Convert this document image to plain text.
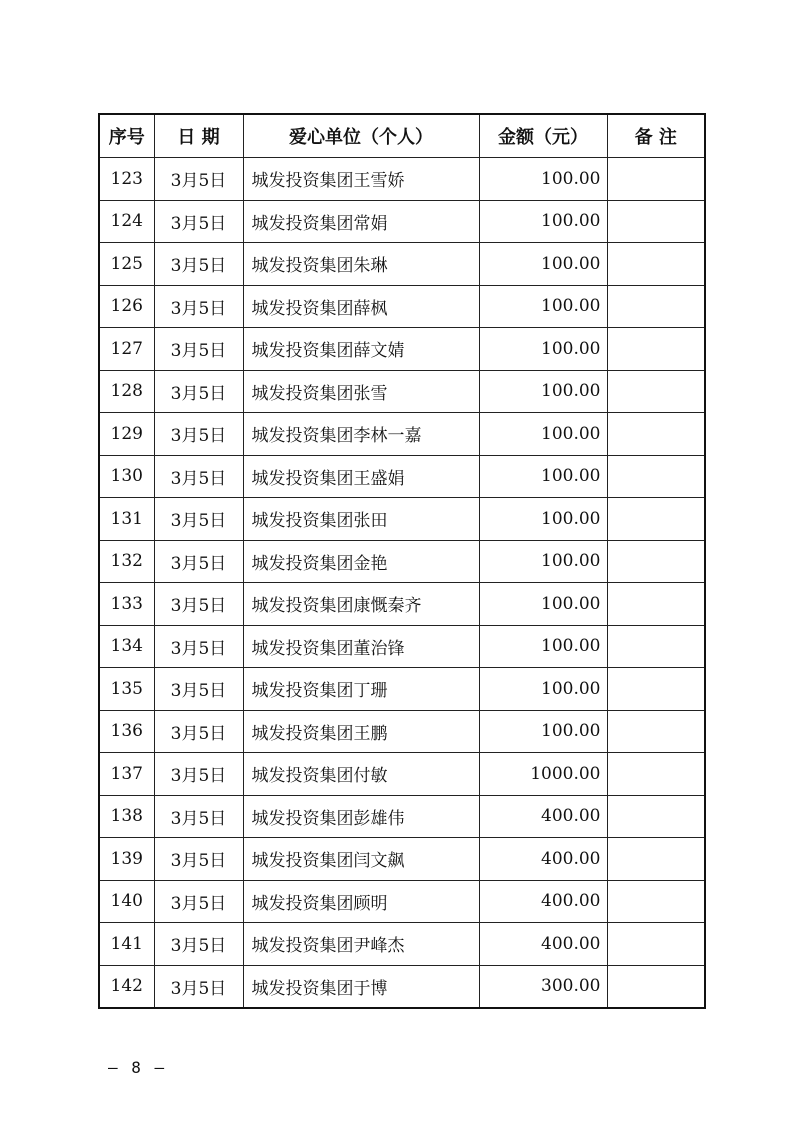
序号	日 期	爱心单位（个人）	金额（元）	备 注
123	3月5日	城发投资集团王雪娇	100.00	
124	3月5日	城发投资集团常娟	100.00	
125	3月5日	城发投资集团朱琳	100.00	
126	3月5日	城发投资集团薛枫	100.00	
127	3月5日	城发投资集团薛文婧	100.00	
128	3月5日	城发投资集团张雪	100.00	
129	3月5日	城发投资集团李林一嘉	100.00	
130	3月5日	城发投资集团王盛娟	100.00	
131	3月5日	城发投资集团张田	100.00	
132	3月5日	城发投资集团金艳	100.00	
133	3月5日	城发投资集团康慨秦齐	100.00	
134	3月5日	城发投资集团董治锋	100.00	
135	3月5日	城发投资集团丁珊	100.00	
136	3月5日	城发投资集团王鹏	100.00	
137	3月5日	城发投资集团付敏	1000.00	
138	3月5日	城发投资集团彭雄伟	400.00	
139	3月5日	城发投资集团闫文飙	400.00	
140	3月5日	城发投资集团顾明	400.00	
141	3月5日	城发投资集团尹峰杰	400.00	
142	3月5日	城发投资集团于博	300.00	
– 8 –
